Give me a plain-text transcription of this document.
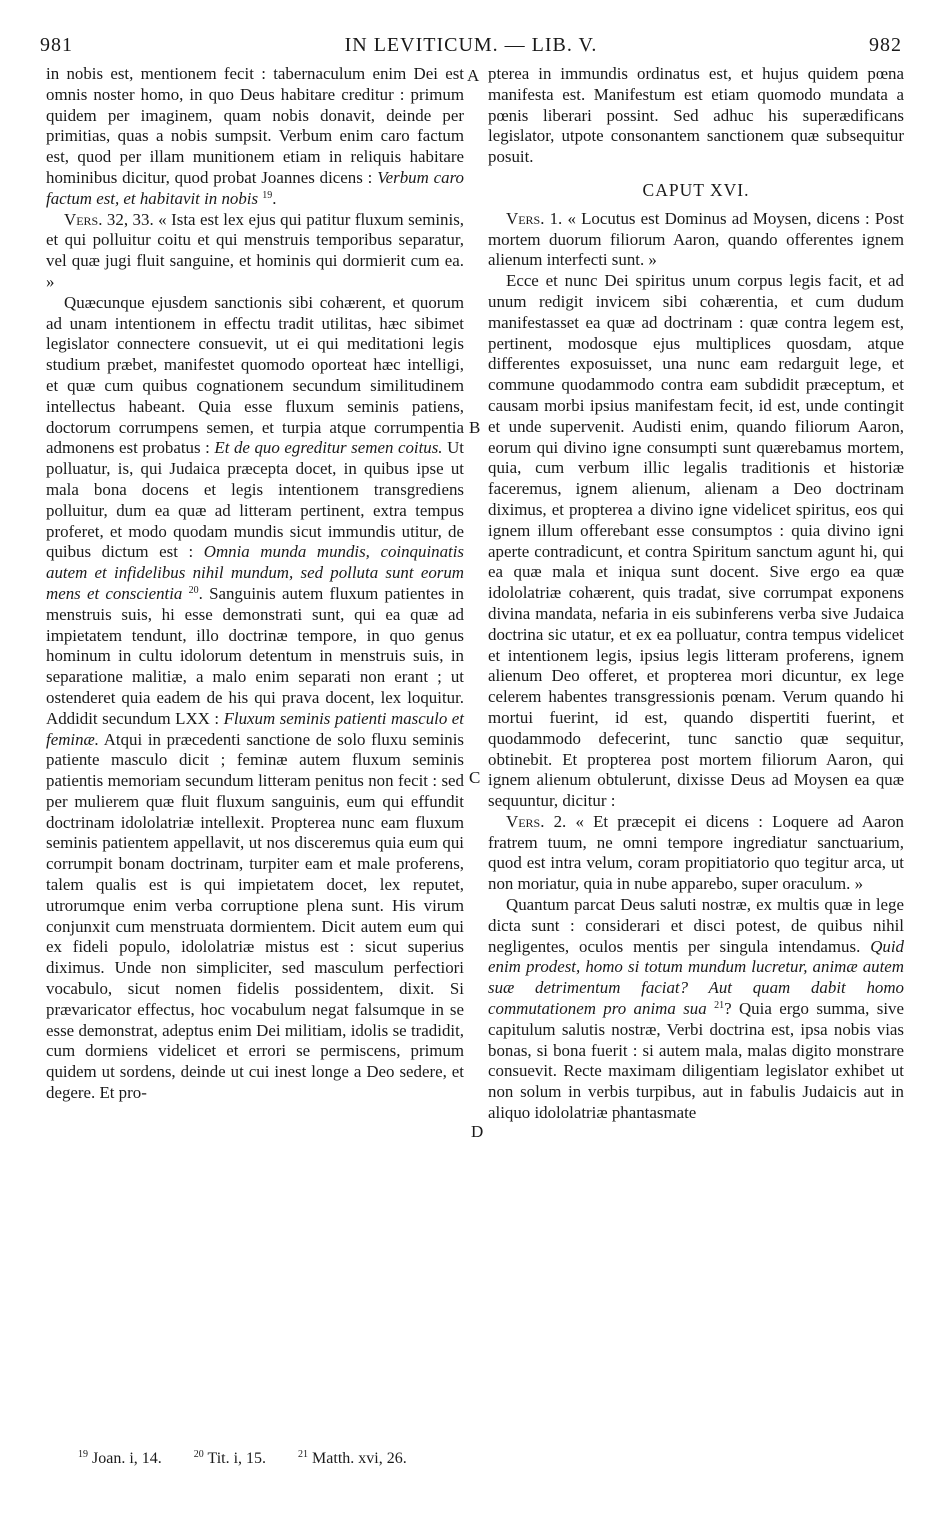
981	IN LEVITICUM. — LIB. V.	982
A
B
C
D

in nobis est, mentionem fecit : tabernaculum enim Dei est omnis noster homo, in quo Deus habitare creditur : primum quidem per imaginem, quam nobis donavit, deinde per primitias, quas a nobis sumpsit. Verbum enim caro factum est, quod per illam munitionem etiam in reliquis habitare hominibus dicitur, quod probat Joannes dicens : Verbum caro factum est, et habitavit in nobis $^{19}$.

Vers. 32, 33. « Ista est lex ejus qui patitur fluxum seminis, et qui polluitur coitu et qui menstruis temporibus separatur, vel quæ jugi fluit sanguine, et hominis qui dormierit cum ea. »

Quæcunque ejusdem sanctionis sibi cohærent, et quorum ad unam intentionem in effectu tradit utilitas, hæc sibimet legislator connectere consuevit, ut ei qui meditationi legis studium præbet, manifestet quomodo oporteat hæc intelligi, et quæ cum quibus cognationem secundum similitudinem intellectus habeant. Quia esse fluxum seminis patiens, doctorum corrumpens semen, et turpia atque corrumpentia admonens est probatus : Et de quo egreditur semen coitus. Ut polluatur, is, qui Judaica præcepta docet, in quibus ipse ut mala bona docens et legis intentionem transgrediens polluitur, dum ea quæ ad litteram pertinent, extra tempus proferet, et modo quodam mundis sicut immundis utitur, de quibus dictum est : Omnia munda mundis, coinquinatis autem et infidelibus nihil mundum, sed polluta sunt eorum mens et conscientia $^{20}$. Sanguinis autem fluxum patientes in menstruis suis, hi esse demonstrati sunt, qui ea quæ ad impietatem tendunt, illo doctrinæ tempore, in quo genus hominum in cultu idolorum detentum in menstruis suis, in separatione malitiæ, a malo enim separati non erant ; ut ostenderet quia eadem de his qui prava docent, lex loquitur. Addidit secundum LXX : Fluxum seminis patienti masculo et feminæ. Atqui in præcedenti sanctione de solo fluxu seminis patiente masculo dicit ; feminæ autem fluxum seminis patientis memoriam secundum litteram penitus non fecit : sed per mulierem quæ fluit fluxum sanguinis, eum qui effundit doctrinam idololatriæ intellexit. Propterea nunc eam fluxum seminis patientem appellavit, ut nos disceremus quia eum qui corrumpit bonam doctrinam, turpiter eam et male proferens, talem qualis est is qui impietatem docet, lex reputet, utrorumque enim verba corruptione plena sunt. His virum conjunxit cum menstruata dormientem. Dicit autem eum qui ex fideli populo, idololatriæ mistus est : sicut superius diximus. Unde non simpliciter, sed masculum perfectiori vocabulo, sicut nomen fidelis possidentem, dixit. Si prævaricator effectus, hoc vocabulum negat falsumque in se esse demonstrat, adeptus enim Dei militiam, idolis se tradidit, cum dormiens videlicet et errori se permiscens, primum quidem ut sordens, deinde ut cui inest longe a Deo sedere, et degere. Et pro-

pterea in immundis ordinatus est, et hujus quidem pœna manifesta est. Manifestum est etiam quomodo mundata a pœnis liberari possint. Sed adhuc his superædificans legislator, utpote consonantem sanctionem quæ subsequitur posuit.

CAPUT XVI.

Vers. 1. « Locutus est Dominus ad Moysen, dicens : Post mortem duorum filiorum Aaron, quando offerentes ignem alienum interfecti sunt. »

Ecce et nunc Dei spiritus unum corpus legis facit, et ad unum redigit invicem sibi cohærentia, et cum dudum manifestasset ea quæ ad doctrinam : quæ contra legem est, pertinent, modosque ejus multiplices quosdam, atque differentes exposuisset, una nunc eam redarguit lege, et commune quodammodo contra eam subdidit præceptum, et causam morbi ipsius manifestam fecit, id est, unde contingit et unde supervenit. Audisti enim, quando filiorum Aaron, eorum qui divino igne consumpti sunt quærebamus mortem, quia, cum verbum illic legalis traditionis et historiæ faceremus, ignem alienum, alienam a Deo doctrinam diximus, et propterea a divino igne videlicet spiritus, eos qui ignem illum offerebant esse consumptos : quia divino igni aperte contradicunt, et contra Spiritum sanctum agunt hi, qui ea quæ mala et iniqua sunt docent. Sive ergo ea quæ idololatriæ cohærent, quis tradat, sive corrumpat exponens divina mandata, nefaria in eis subinferens verba sive Judaica doctrina sic utatur, et ex ea polluatur, contra tempus videlicet et intentionem legis, ipsius legis litteram proferens, ignem alienum Deo offeret, et propterea mori dicuntur, ex lege celerem habentes transgressionis pœnam. Verum quando hi mortui fuerint, id est, quando dispertiti fuerint, et quodammodo defecerint, tunc sanctio quæ sequitur, obtinebit. Et propterea post mortem filiorum Aaron, qui ignem alienum obtulerunt, dixisse Deus ad Moysen ea quæ sequuntur, dicitur :

Vers. 2. « Et præcepit ei dicens : Loquere ad Aaron fratrem tuum, ne omni tempore ingrediatur sanctuarium, quod est intra velum, coram propitiatorio quo tegitur arca, ut non moriatur, quia in nube apparebo, super oraculum. »

Quantum parcat Deus saluti nostræ, ex multis quæ in lege dicta sunt : considerari et disci potest, de quibus nihil negligentes, oculos mentis per singula intendamus. Quid enim prodest, homo si totum mundum lucretur, animæ autem suæ detrimentum faciat? Aut quam dabit homo commutationem pro anima sua $^{21}$? Quia ergo summa, sive capitulum salutis nostræ, Verbi doctrina est, ipsa nobis vias bonas, si bona fuerit : si autem mala, malas digito monstrare consuevit. Recte maximam diligentiam legislator exhibet ut non solum in verbis turpibus, aut in fabulis Judaicis aut in aliquo idololatriæ phantasmate

$^{19}$ Joan. i, 14.	$^{20}$ Tit. i, 15.	$^{21}$ Matth. xvi, 26.
